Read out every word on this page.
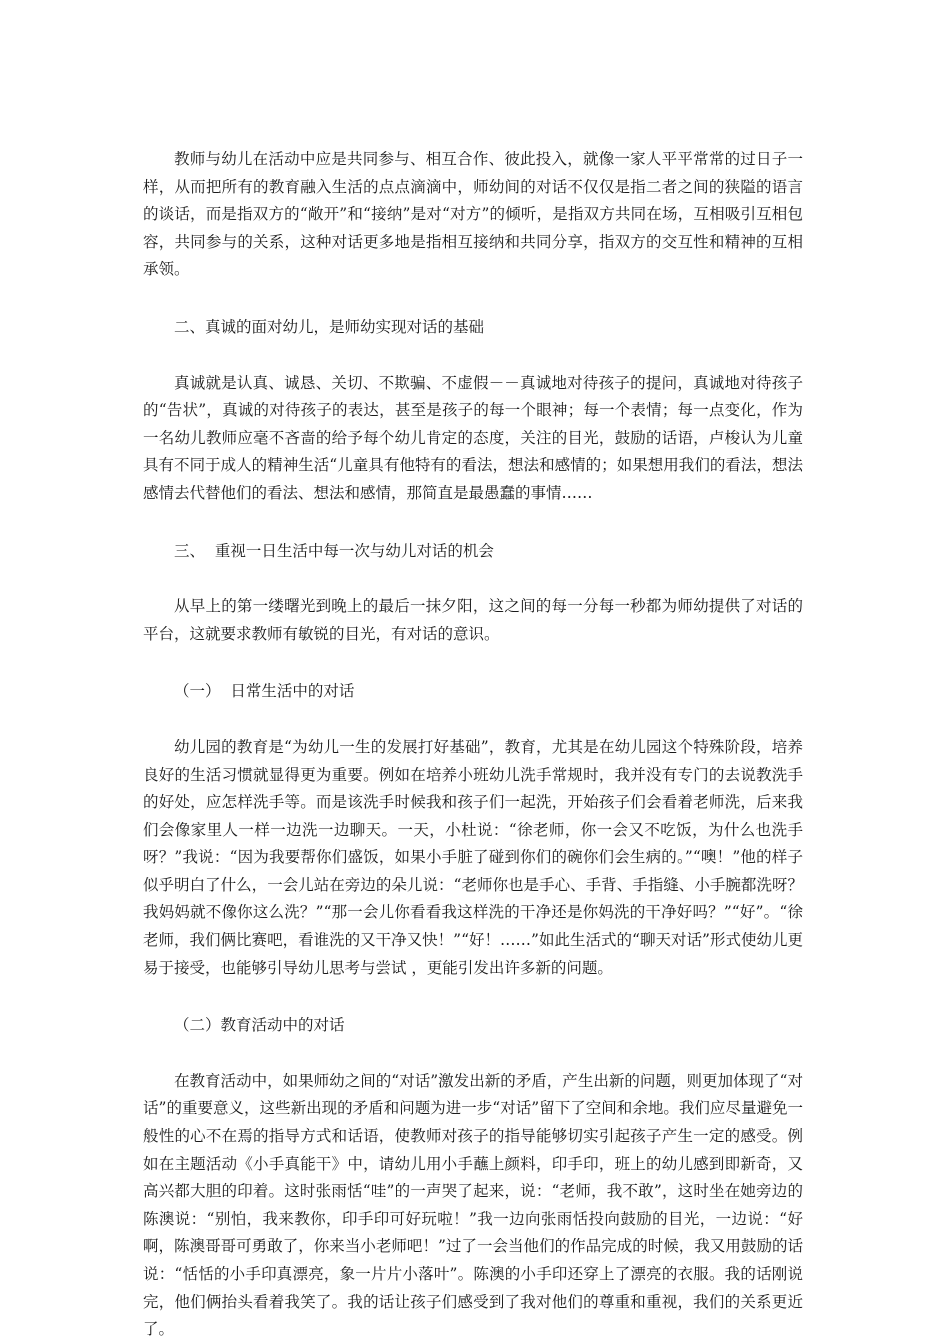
教师与幼儿在活动中应是共同参与、相互合作、彼此投入，就像一家人平平常常的过日子一样，从而把所有的教育融入生活的点点滴滴中，师幼间的对话不仅仅是指二者之间的狭隘的语言的谈话，而是指双方的“敞开”和“接纳”是对“对方”的倾听，是指双方共同在场，互相吸引互相包容，共同参与的关系，这种对话更多地是指相互接纳和共同分享，指双方的交互性和精神的互相承领。

二、真诚的面对幼儿，是师幼实现对话的基础

真诚就是认真、诚恳、关切、不欺骗、不虚假－－真诚地对待孩子的提问，真诚地对待孩子的“告状”，真诚的对待孩子的表达，甚至是孩子的每一个眼神；每一个表情；每一点变化，作为一名幼儿教师应毫不吝啬的给予每个幼儿肯定的态度，关注的目光，鼓励的话语，卢梭认为儿童具有不同于成人的精神生活“儿童具有他特有的看法，想法和感情的；如果想用我们的看法，想法感情去代替他们的看法、想法和感情，那简直是最愚蠢的事情……

三、  重视一日生活中每一次与幼儿对话的机会

从早上的第一缕曙光到晚上的最后一抹夕阳，这之间的每一分每一秒都为师幼提供了对话的平台，这就要求教师有敏锐的目光，有对话的意识。

（一）  日常生活中的对话

幼儿园的教育是“为幼儿一生的发展打好基础”，教育，尤其是在幼儿园这个特殊阶段，培养良好的生活习惯就显得更为重要。例如在培养小班幼儿洗手常规时，我并没有专门的去说教洗手的好处，应怎样洗手等。而是该洗手时候我和孩子们一起洗，开始孩子们会看着老师洗，后来我们会像家里人一样一边洗一边聊天。一天，小杜说：“徐老师，你一会又不吃饭，为什么也洗手呀？”我说：“因为我要帮你们盛饭，如果小手脏了碰到你们的碗你们会生病的。”“噢！”他的样子似乎明白了什么，一会儿站在旁边的朵儿说：“老师你也是手心、手背、手指缝、小手腕都洗呀？我妈妈就不像你这么洗？”“那一会儿你看看我这样洗的干净还是你妈洗的干净好吗？”“好”。“徐老师，我们俩比赛吧，看谁洗的又干净又快！”“好！……”如此生活式的“聊天对话”形式使幼儿更易于接受，也能够引导幼儿思考与尝试 ，更能引发出许多新的问题。

（二）教育活动中的对话

在教育活动中，如果师幼之间的“对话”激发出新的矛盾，产生出新的问题，则更加体现了“对话”的重要意义，这些新出现的矛盾和问题为进一步“对话”留下了空间和余地。我们应尽量避免一般性的心不在焉的指导方式和话语，使教师对孩子的指导能够切实引起孩子产生一定的感受。例如在主题活动《小手真能干》中，请幼儿用小手蘸上颜料，印手印，班上的幼儿感到即新奇，又高兴都大胆的印着。这时张雨恬“哇”的一声哭了起来，说：“老师，我不敢”，这时坐在她旁边的陈澳说：“别怕，我来教你，印手印可好玩啦！”我一边向张雨恬投向鼓励的目光，一边说：“好啊，陈澳哥哥可勇敢了，你来当小老师吧！”过了一会当他们的作品完成的时候，我又用鼓励的话说：“恬恬的小手印真漂亮，象一片片小落叶”。陈澳的小手印还穿上了漂亮的衣服。我的话刚说完，他们俩抬头看着我笑了。我的话让孩子们感受到了我对他们的尊重和重视，我们的关系更近了。
